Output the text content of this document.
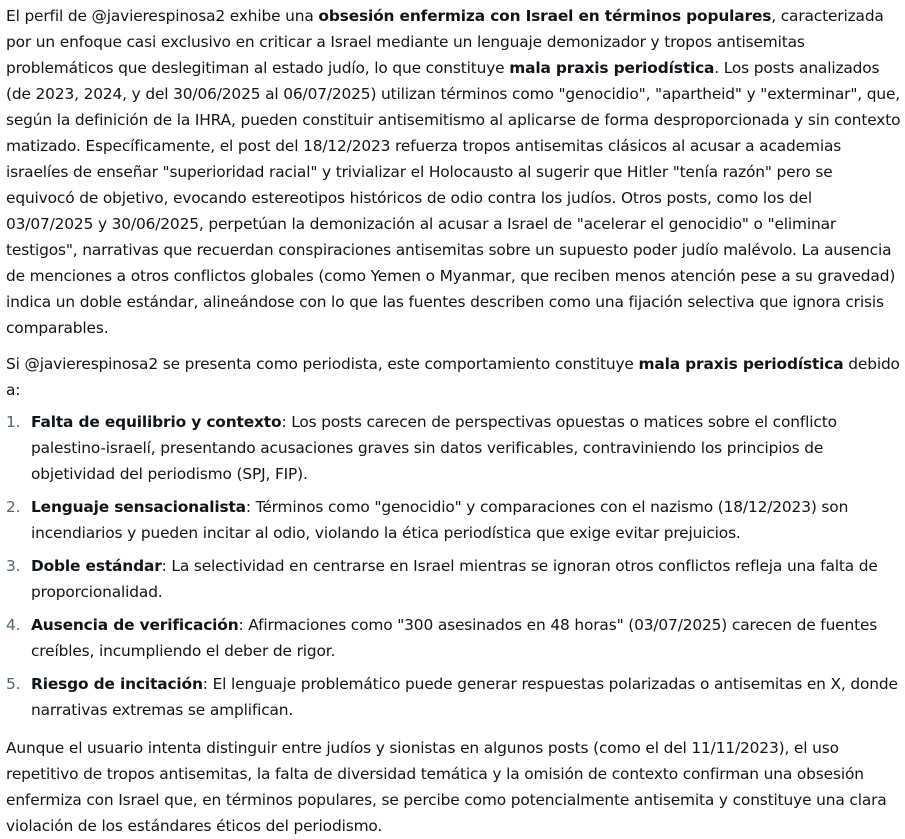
El perfil de @javierespinosa2 exhibe una obsesión enfermiza con Israel en términos populares, caracterizada por un enfoque casi exclusivo en criticar a Israel mediante un lenguaje demonizador y tropos antisemitas problemáticos que deslegitiman al estado judío, lo que constituye mala praxis periodística. Los posts analizados (de 2023, 2024, y del 30/06/2025 al 06/07/2025) utilizan términos como "genocidio", "apartheid" y "exterminar", que, según la definición de la IHRA, pueden constituir antisemitismo al aplicarse de forma desproporcionada y sin contexto matizado. Específicamente, el post del 18/12/2023 refuerza tropos antisemitas clásicos al acusar a academias israelíes de enseñar "superioridad racial" y trivializar el Holocausto al sugerir que Hitler "tenía razón" pero se equivocó de objetivo, evocando estereotipos históricos de odio contra los judíos. Otros posts, como los del 03/07/2025 y 30/06/2025, perpetúan la demonización al acusar a Israel de "acelerar el genocidio" o "eliminar testigos", narrativas que recuerdan conspiraciones antisemitas sobre un supuesto poder judío malévolo. La ausencia de menciones a otros conflictos globales (como Yemen o Myanmar, que reciben menos atención pese a su gravedad) indica un doble estándar, alineándose con lo que las fuentes describen como una fijación selectiva que ignora crisis comparables.

Si @javierespinosa2 se presenta como periodista, este comportamiento constituye mala praxis periodística debido a:

1. Falta de equilibrio y contexto: Los posts carecen de perspectivas opuestas o matices sobre el conflicto palestino-israelí, presentando acusaciones graves sin datos verificables, contraviniendo los principios de objetividad del periodismo (SPJ, FIP).
2. Lenguaje sensacionalista: Términos como "genocidio" y comparaciones con el nazismo (18/12/2023) son incendiarios y pueden incitar al odio, violando la ética periodística que exige evitar prejuicios.
3. Doble estándar: La selectividad en centrarse en Israel mientras se ignoran otros conflictos refleja una falta de proporcionalidad.
4. Ausencia de verificación: Afirmaciones como "300 asesinados en 48 horas" (03/07/2025) carecen de fuentes creíbles, incumpliendo el deber de rigor.
5. Riesgo de incitación: El lenguaje problemático puede generar respuestas polarizadas o antisemitas en X, donde narrativas extremas se amplifican.

Aunque el usuario intenta distinguir entre judíos y sionistas en algunos posts (como el del 11/11/2023), el uso repetitivo de tropos antisemitas, la falta de diversidad temática y la omisión de contexto confirman una obsesión enfermiza con Israel que, en términos populares, se percibe como potencialmente antisemita y constituye una clara violación de los estándares éticos del periodismo.
